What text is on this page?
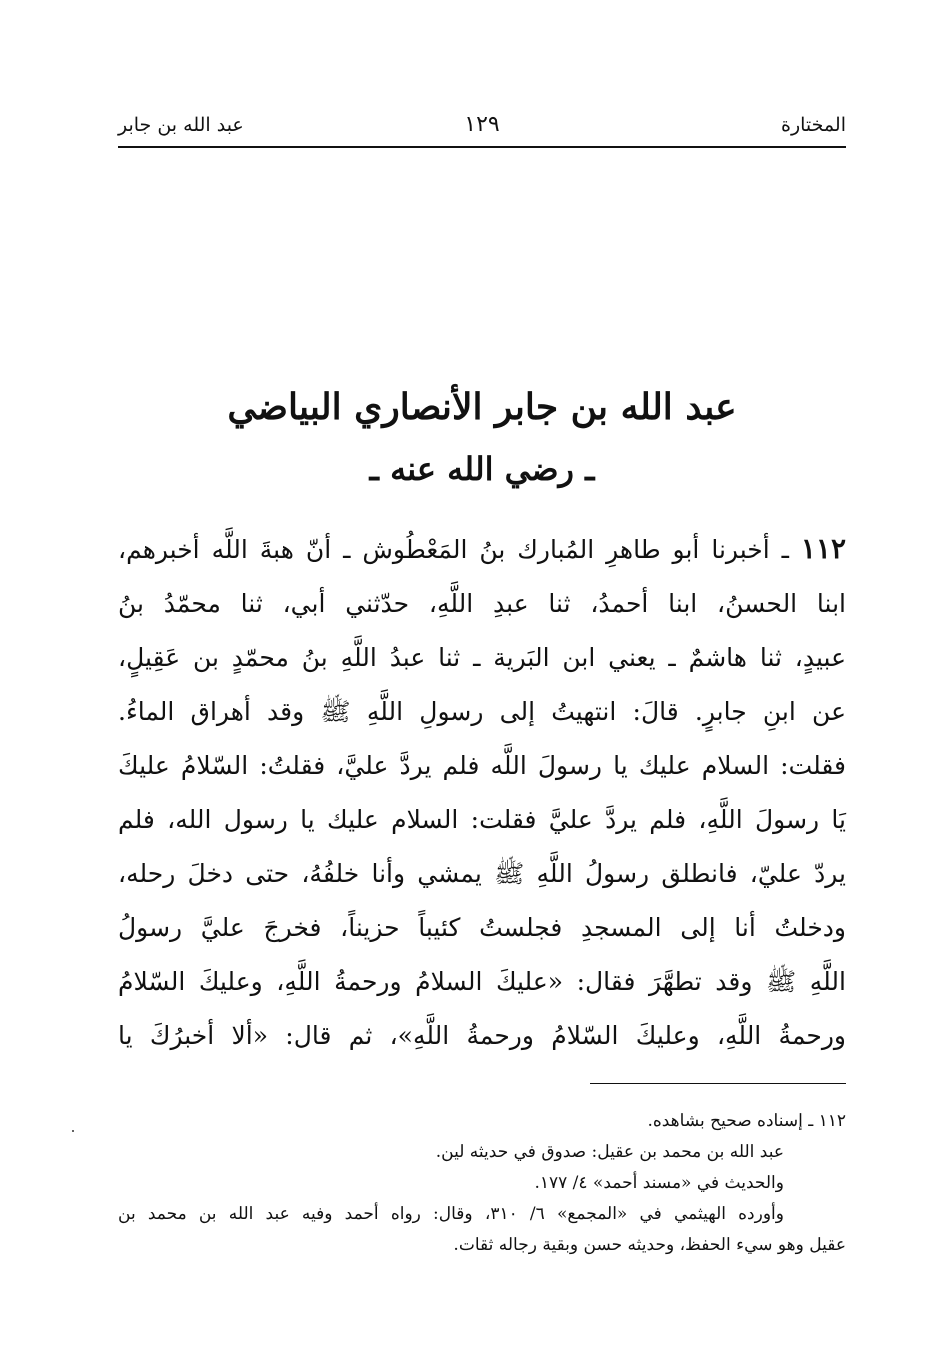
المختارة
١٢٩
عبد الله بن جابر
عبد الله بن جابر الأنصاري البياضي
ـ رضي الله عنه ـ
١١٢ ـ أخبرنا أبو طاهرِ المُبارك بنُ المَعْطُوش ـ أنّ هبةَ اللَّه أخبرهم،
ابنا الحسنُ، ابنا أحمدُ، ثنا عبدِ اللَّهِ، حدّثني أبي، ثنا محمّدُ بنُ
عبيدٍ، ثنا هاشمٌ ـ يعني ابن البَرية ـ ثنا عبدُ اللَّهِ بنُ محمّدٍ بن عَقِيلٍ،
عن ابنِ جابرٍ. قالَ: انتهيتُ إلى رسولِ اللَّهِ ﷺ وقد أهراق الماءُ.
فقلت: السلام عليك يا رسولَ اللَّه فلم يردَّ عليَّ، فقلتُ: السّلامُ عليكَ
يَا رسولَ اللَّهِ، فلم يردَّ عليَّ فقلت: السلام عليك يا رسول الله، فلم
يردّ عليّ، فانطلق رسولُ اللَّهِ ﷺ يمشي وأنا خلفُهُ، حتى دخلَ رحله،
ودخلتُ أنا إلى المسجدِ فجلستُ كئيباً حزيناً، فخرجَ عليَّ رسولُ
اللَّهِ ﷺ وقد تطهَّرَ فقال: «عليكَ السلامُ ورحمةُ اللَّهِ، وعليكَ السّلامُ
ورحمةُ اللَّهِ، وعليكَ السّلامُ ورحمةُ اللَّهِ»، ثم قال: «ألا أخبرُكَ يا
١١٢ ـ إسناده صحيح بشاهده.
عبد الله بن محمد بن عقيل: صدوق في حديثه لين.
والحديث في «مسند أحمد» ٤/ ١٧٧.
وأورده الهيثمي في «المجمع» ٦/ ٣١٠، وقال: رواه أحمد وفيه عبد الله بن محمد بن
عقيل وهو سيء الحفظ، وحديثه حسن وبقية رجاله ثقات.
